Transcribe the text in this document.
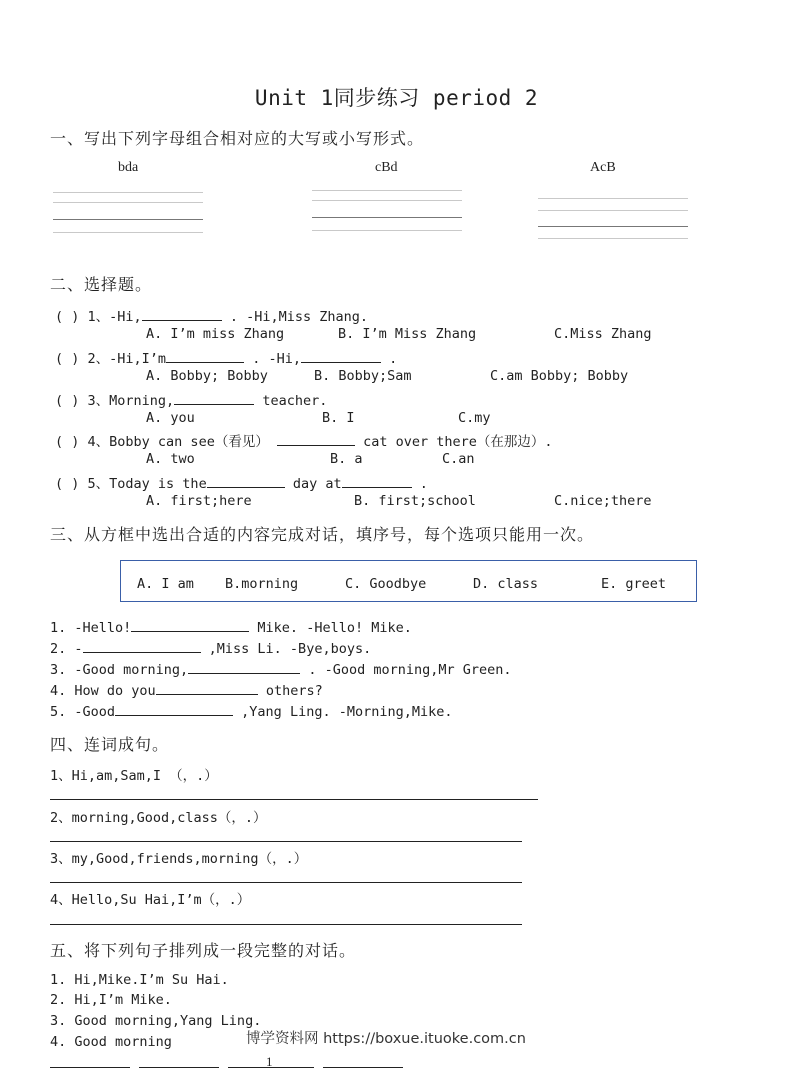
Unit 1同步练习 period 2
一、写出下列字母组合相对应的大写或小写形式。
bda	cBd	AcB
二、选择题。
( ) 1、-Hi,	. -Hi,Miss Zhang.
A. I’m miss Zhang	B. I’m Miss Zhang	C.Miss Zhang
( ) 2、-Hi,I’m	. -Hi,	.
A. Bobby; Bobby	B. Bobby;Sam	C.am Bobby; Bobby
( ) 3、Morning,	teacher.
A. you	B. I	C.my
( ) 4、Bobby can see（看见）	cat over there（在那边）.
A. two	B. a	C.an
( ) 5、Today is the	day at	.
A. first;here	B. first;school	C.nice;there
三、从方框中选出合适的内容完成对话，填序号，每个选项只能用一次。
A. I am B.morning	C. Goodbye	D. class	E. greet
1. -Hello!	Mike. -Hello! Mike.
2. -	,Miss Li. -Bye,boys.
3. -Good morning,	. -Good morning,Mr Green.
4. How do you	others?
5. -Good	,Yang Ling. -Morning,Mike.
四、连词成句。
1、Hi,am,Sam,I （，.）
2、morning,Good,class（，.）
3、my,Good,friends,morning（，.）
4、Hello,Su Hai,I’m（，.）
五、将下列句子排列成一段完整的对话。
1. Hi,Mike.I’m Su Hai.
2. Hi,I’m Mike.
3. Good morning,Yang Ling.
4. Good morning	博学资料网 https://boxue.ituoke.com.cn
1
